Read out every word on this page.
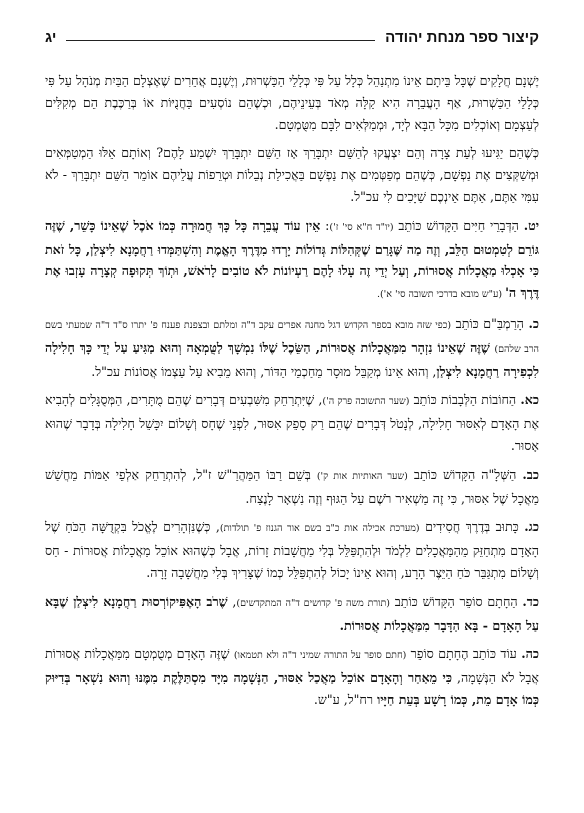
קיצור ספר מנחת יהודה
יג

יֶשְׁנָם חֲלָקִים שֶׁכָּל בֵּיתָם אֵינוֹ מִתְנַהֵל כְּלָל עַל פִּי כְּלָלֵי הַכַּשְׁרוּת, וְיֶשְׁנָם אֲחֵרִים שֶׁאֶצְלָם הַבַּיִת מְנֹהָל עַל פִּי כְּלָלֵי הַכַּשְׁרוּת, אַף הָעֲבֵרָה הִיא קַלָּה מְאֹד בְּעֵינֵיהֶם, וּכְשֶׁהֵם נוֹסְעִים בַּחֲנֻיּוֹת אוֹ בְּרַכֶּבֶת הֵם מְקִלִּים לְעַצְמָם וְאוֹכְלִים מִכָּל הַבָּא לְיָד, וּמְמַלְּאִים לִבָּם מִטֻּמְטָם.

כְּשֶׁהֵם יַגִּיעוּ לְעֵת צָרָה וְהֵם יִצְעֲקוּ לְהַשֵּׁם יִתְבָּרַךְ אָז הַשֵּׁם יִתְבָּרַךְ יִשְׁמַע לָהֶם? וְאוֹתָם אֵלּוּ הַמְטַמְּאִים וּמְשַׁקְּצִים אֶת נַפְשָׁם, כְּשֶׁהֵם מְפַטְּמִים אֶת נַפְשָׁם בַּאֲכִילַת נְבֵלוֹת וּטְרֵפוֹת עֲלֵיהֶם אוֹמֵר הַשֵּׁם יִתְבָּרַךְ - לֹא עִמִּי אַתֶּם, אַתֶּם אֵינְכֶם שַׁיָּכִים לִי עכ"ל.

יט. הַדְּבָרֵי חַיִּים הַקָּדוֹשׁ כּוֹתֵב (יו"ד ח"א סי' ז'): אֵין עוֹד עֲבֵרָה כָּל כָּךְ חֲמוּרָה כְּמוֹ אֹכֶל שֶׁאֵינוֹ כָּשֵׁר, שֶׁזֶּה גּוֹרֵם לְטִמְטוּם הַלֵּב, וְזֶה מַה שֶּׁגָּרַם שֶׁקְּהִלּוֹת גְּדוֹלוֹת יָרְדוּ מִדֶּרֶךְ הָאֱמֶת וְהִשְׁתַּמְּדוּ רַחֲמָנָא לִיצְלַן, כָּל זֹאת כִּי אָכְלוּ מַאֲכָלוֹת אֲסוּרוֹת, וְעַל יְדֵי זֶה עָלוּ לָהֶם רַעְיוֹנוֹת לֹא טוֹבִים לָרֹאשׁ, וּתְוֹךְ תְּקוּפָה קְצָרָה עָזְבוּ אֶת דֶּרֶךְ ה' (ע"ש מובא בדרכי תשובה סי' א').

כ. הָרַמְבַּ"ם כּוֹתֵב (כפי שזה מובא בספר הקדוש דגל מחנה אפרים עקב ד"ה ומלתם ובצפנת פענח פ' יתרו ס"ד ד"ה שמעתי בשם הרב שלהם) שֶׁזֶּה שֶׁאֵינוֹ נִזְהָר מִמַּאֲכָלוֹת אֲסוּרוֹת, הַשֵּׂכֶל שֶׁלּוֹ נִמְשָׁךְ לַטֻּמְאָה וְהוּא מַגִּיעַ עַל יְדֵי כָּךְ חָלִילָה לִכְפִירָה רַחֲמָנָא לִיצְלַן, וְהוּא אֵינוֹ מְקַבֵּל מוּסָר מֵחַכְמֵי הַדּוֹר, וְהוּא מֵבִיא עַל עַצְמוֹ אֲסוֹנוֹת עכ"ל.

כא. הַחוֹבוֹת הַלְּבָבוֹת כּוֹתֵב (שער התשובה פרק ה'), שֶׁיִּתְרַחֵק מִשִּׁבְעִים דְּבָרִים שֶׁהֵם מֻתָּרִים, הַמְּסֻגָּלִים לְהָבִיא אֶת הָאָדָם לְאִסּוּר חָלִילָה, לְנָטֹל דְּבָרִים שֶׁהֵם רַק סָפֵק אִסּוּר, לִפְנֵי שֶׁחָס וְשָׁלוֹם יִכָּשֵׁל חָלִילָה בְּדָבָר שֶׁהוּא אָסוּר.

כב. הַשְּׁלָ"ה הַקָּדוֹשׁ כּוֹתֵב (שער האותיות אות ק') בְּשֵׁם רַבּוֹ הַמַּהֲרַ"שׁ ז"ל, לְהִתְרַחֵק אַלְפֵי אַמּוֹת מֵחֲשַׁשׁ מַאֲכָל שֶׁל אִסּוּר, כִּי זֶה מַשְׁאִיר רֹשֶׁם עַל הַגּוּף וְזֶה נִשְׁאָר לָנֶצַח.

כג. כָּתוּב בְּדֶרֶךְ חֲסִידִים (מערכת אכילה אות כ"ב בשם אור הגנוז פ' תולדות), כְּשֶׁנִּזְהָרִים לֶאֱכֹל בִּקְדֻשָּׁה הַכֹּחַ שֶׁל הָאָדָם מִתְחַזֵּק מֵהַמַּאֲכָלִים לִלְמֹד וּלְהִתְפַּלֵּל בְּלִי מַחֲשָׁבוֹת זָרוֹת, אֲבָל כְּשֶׁהוּא אוֹכֵל מַאֲכָלוֹת אֲסוּרוֹת - חַס וְשָׁלוֹם מִתְגַּבֵּר כֹּחַ הַיֵּצֶר הָרָע, וְהוּא אֵינוֹ יָכוֹל לְהִתְפַּלֵּל כְּמוֹ שֶׁצָּרִיךְ בְּלִי מַחֲשָׁבָה זָרָה.

כד. הַחָתָם סוֹפֵר הַקָּדוֹשׁ כּוֹתֵב (תורת משה פ' קדושים ד"ה המתקדשים), שֶׁרֹב הָאֶפִּיקוֹרְסוּת רַחֲמָנָא לִיצְלַן שֶׁבָּא עַל הָאָדָם - בָּא הַדָּבָר מִמַּאֲכָלוֹת אֲסוּרוֹת.

כה. עוֹד כּוֹתֵב הֶחָתָם סוֹפֵר (חתם סופר על התורה שמיני ד"ה ולא תטמאו) שֶׁזֶּה הָאָדָם מְטֻמְטָם מִמַּאֲכָלוֹת אֲסוּרוֹת אֲבָל לֹא הַנְּשָׁמָה, כִּי מֵאַחַר וְהָאָדָם אוֹכֵל מַאֲכַל אִסּוּר, הַנְּשָׁמָה מִיָּד מִסְתַּלֶּקֶת מִמֶּנּוּ וְהוּא נִשְׁאָר בְּדִיּוּק כְּמוֹ אָדָם מֵת, כְּמוֹ רָשָׁע בְּעֵת חַיָּיו רח"ל, ע"ש.
